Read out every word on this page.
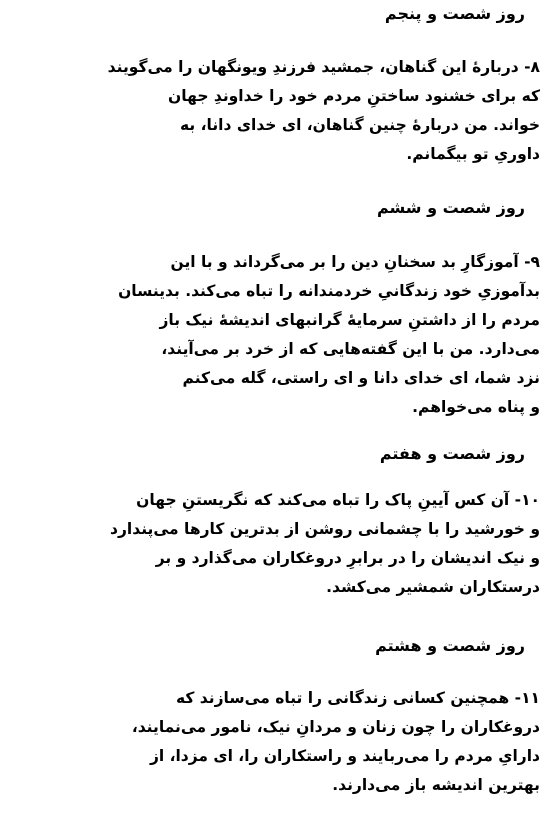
روز شصت و پنجم
۸- دربارهٔ این گناهان، جمشید فرزندِ ویونگهان را می‌گویند
که برای خشنود ساختنِ مردم خود را خداوندِ جهان
خواند. من دربارهٔ چنین گناهان، ای خدای دانا، به
داوریِ تو بیگمانم.
روز شصت و ششم
۹- آموزگارِ بد سخنانِ دین را بر می‌گرداند و با این
بدآموزیِ خود زندگانیِ خردمندانه را تباه می‌کند. بدینسان
مردم را از داشتنِ سرمایهٔ گرانبهای اندیشهٔ نیک باز
می‌دارد. من با این گفته‌هایی که از خرد بر می‌آیند،
نزد شما، ای خدای دانا و ای راستی، گله می‌کنم
و پناه می‌خواهم.
روز شصت و هفتم
۱۰- آن کس آیینِ پاک را تباه می‌کند که نگریستنِ جهان
و خورشید را با چشمانی روشن از بدترین کارها می‌پندارد
و نیک اندیشان را در برابرِ دروغکاران می‌گذارد و بر
درستکاران شمشیر می‌کشد.
روز شصت و هشتم
۱۱- همچنین کسانی زندگانی را تباه می‌سازند که
دروغکاران را چون زنان و مردانِ نیک، نامور می‌نمایند،
دارایِ مردم را می‌ربایند و راستکاران را، ای مزدا، از
بهترین اندیشه باز می‌دارند.
